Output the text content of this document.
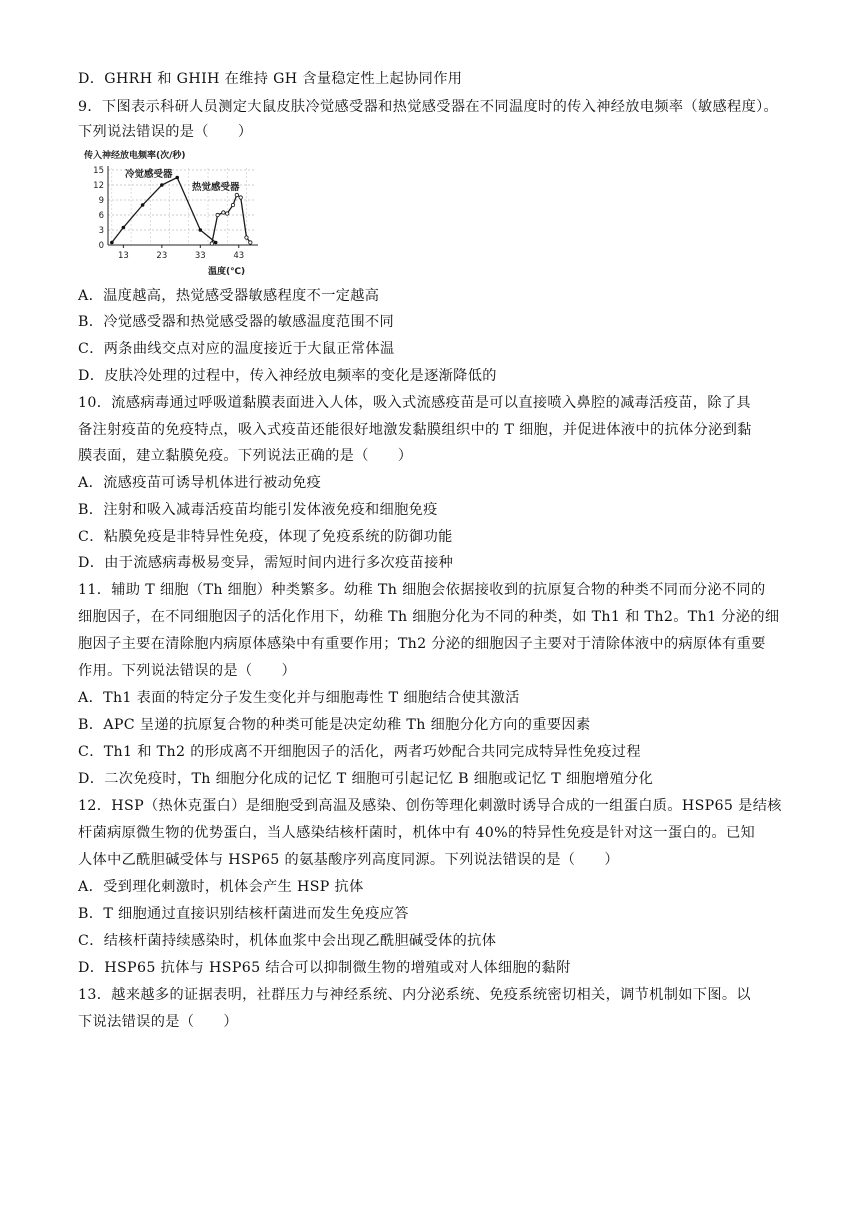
D．GHRH 和 GHIH 在维持 GH 含量稳定性上起协同作用
9．下图表示科研人员测定大鼠皮肤冷觉感受器和热觉感受器在不同温度时的传入神经放电频率（敏感程度）。
下列说法错误的是（　　）
传入神经放电频率(次/秒)
0
3
6
9
12
15
13	23	33	43
冷觉感受器
热觉感受器
温度(℃)
A．温度越高，热觉感受器敏感程度不一定越高
B．冷觉感受器和热觉感受器的敏感温度范围不同
C．两条曲线交点对应的温度接近于大鼠正常体温
D．皮肤冷处理的过程中，传入神经放电频率的变化是逐渐降低的
10．流感病毒通过呼吸道黏膜表面进入人体，吸入式流感疫苗是可以直接喷入鼻腔的减毒活疫苗，除了具
备注射疫苗的免疫特点，吸入式疫苗还能很好地激发黏膜组织中的 T 细胞，并促进体液中的抗体分泌到黏
膜表面，建立黏膜免疫。下列说法正确的是（　　）
A．流感疫苗可诱导机体进行被动免疫
B．注射和吸入减毒活疫苗均能引发体液免疫和细胞免疫
C．粘膜免疫是非特异性免疫，体现了免疫系统的防御功能
D．由于流感病毒极易变异，需短时间内进行多次疫苗接种
11．辅助 T 细胞（Th 细胞）种类繁多。幼稚 Th 细胞会依据接收到的抗原复合物的种类不同而分泌不同的
细胞因子，在不同细胞因子的活化作用下，幼稚 Th 细胞分化为不同的种类，如 Th1 和 Th2。Th1 分泌的细
胞因子主要在清除胞内病原体感染中有重要作用；Th2 分泌的细胞因子主要对于清除体液中的病原体有重要
作用。下列说法错误的是（　　）
A．Th1 表面的特定分子发生变化并与细胞毒性 T 细胞结合使其激活
B．APC 呈递的抗原复合物的种类可能是决定幼稚 Th 细胞分化方向的重要因素
C．Th1 和 Th2 的形成离不开细胞因子的活化，两者巧妙配合共同完成特异性免疫过程
D．二次免疫时，Th 细胞分化成的记忆 T 细胞可引起记忆 B 细胞或记忆 T 细胞增殖分化
12．HSP（热休克蛋白）是细胞受到高温及感染、创伤等理化刺激时诱导合成的一组蛋白质。HSP65 是结核
杆菌病原微生物的优势蛋白，当人感染结核杆菌时，机体中有 40%的特异性免疫是针对这一蛋白的。已知
人体中乙酰胆碱受体与 HSP65 的氨基酸序列高度同源。下列说法错误的是（　　）
A．受到理化刺激时，机体会产生 HSP 抗体
B．T 细胞通过直接识别结核杆菌进而发生免疫应答
C．结核杆菌持续感染时，机体血浆中会出现乙酰胆碱受体的抗体
D．HSP65 抗体与 HSP65 结合可以抑制微生物的增殖或对人体细胞的黏附
13．越来越多的证据表明，社群压力与神经系统、内分泌系统、免疫系统密切相关，调节机制如下图。以
下说法错误的是（　　）
